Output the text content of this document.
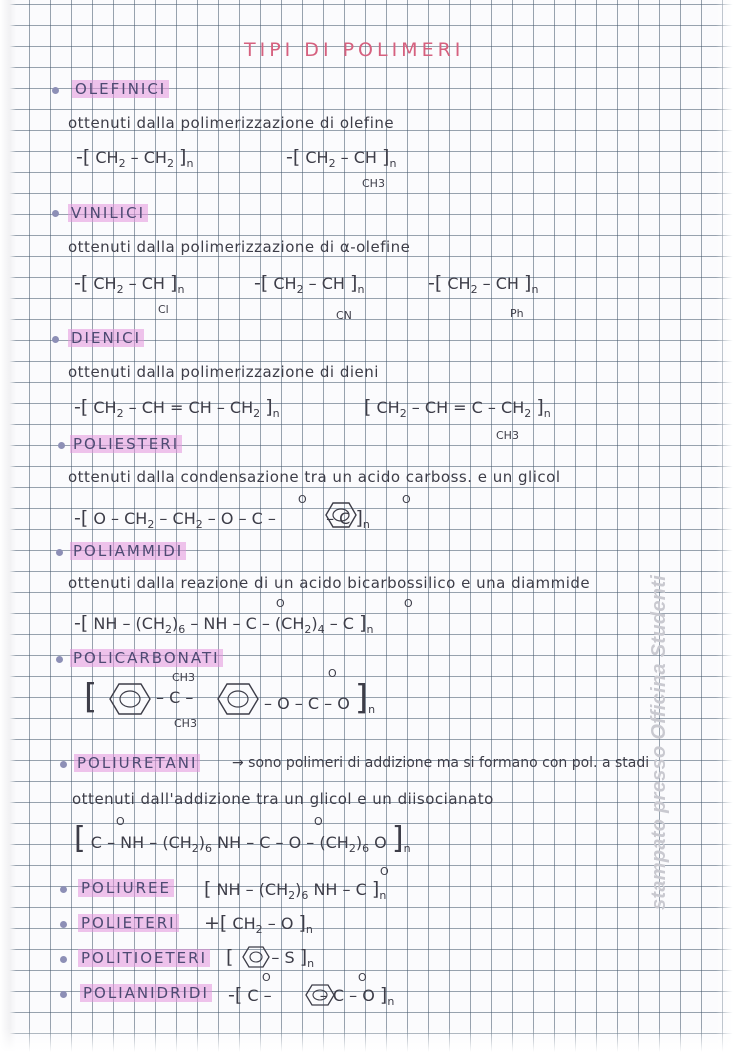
stampato presso Officina Studenti
TIPI DI POLIMERI
OLEFINICI
ottenuti dalla polimerizzazione di olefine
-[ $CH_2 - CH_2$ ]$_n$	-[ $CH_2$ – CH ]$_n$
CH3
VINILICI
ottenuti dalla polimerizzazione di α-olefine
-[ $CH_2$ – CH ]$_n$
Cl
-[ $CH_2$ – CH ]$_n$
CN
-[ $CH_2$ – CH ]$_n$
Ph
DIENICI
ottenuti dalla polimerizzazione di dieni
-[ $CH_2$ – CH = CH – $CH_2$ ]$_n$	[ $CH_2$ – CH = C – $CH_2$ ]$_n$
CH3
POLIESTERI
ottenuti dalla condensazione tra un acido carboss. e un glicol
-[ O – $CH_2 - CH_2$ – O – C –	– C ]$_n$
O	O
POLIAMMIDI
ottenuti dalla reazione di un acido bicarbossilico e una diammide
-[ NH – $(CH_2)_6$ – NH – C – $(CH_2)_4$ – C ]$_n$
O	O
POLICARBONATI
[	– C –
CH3
CH3
– O – C – O ]$_n$
O
POLIURETANI → sono polimeri di addizione ma si formano con pol. a stadi
ottenuti dall'addizione tra un glicol e un diisocianato
[ C – NH – $(CH_2)_6$ NH – C – O – $(CH_2)_6$ O ]$_n$
O	O
POLIUREE [ NH – $(CH_2)_6$ NH – C ]$_n$
O
POLIETERI +[ $CH_2$ – O ]$_n$
POLITIOETERI [ – S ]$_n$
POLIANIDRIDI -[ C –  – C – O ]$_n$
O	O
